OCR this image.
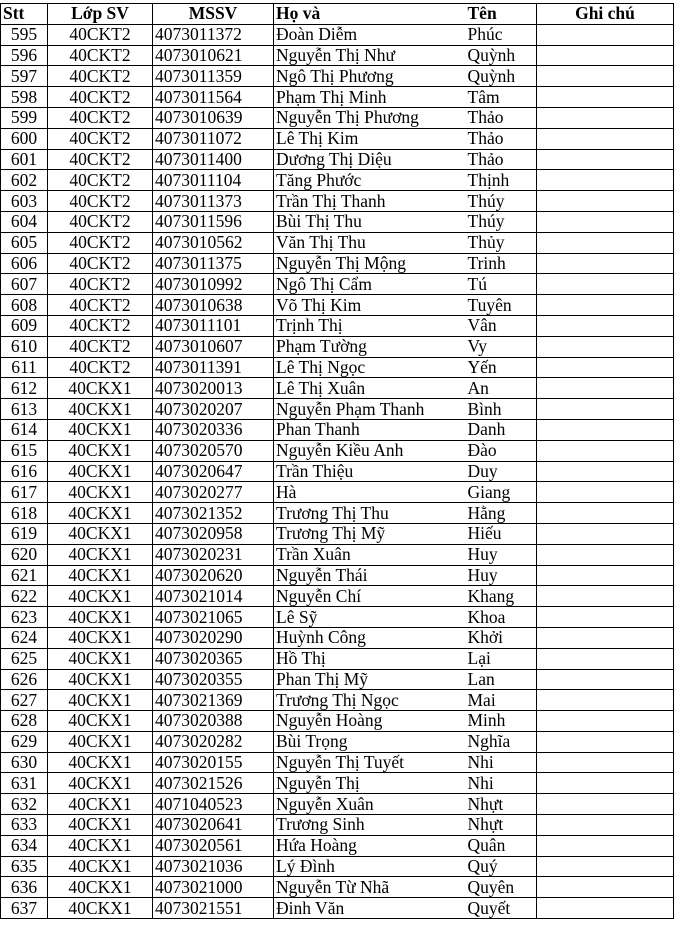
Stt	Lớp SV	MSSV	Họ và	Tên	Ghi chú
595	40CKT2	4073011372	Đoàn Diễm	Phúc	
596	40CKT2	4073010621	Nguyễn Thị Như	Quỳnh	
597	40CKT2	4073011359	Ngô Thị Phương	Quỳnh	
598	40CKT2	4073011564	Phạm Thị Minh	Tâm	
599	40CKT2	4073010639	Nguyễn Thị Phương	Thảo	
600	40CKT2	4073011072	Lê Thị Kim	Thảo	
601	40CKT2	4073011400	Dương Thị Diệu	Thảo	
602	40CKT2	4073011104	Tăng Phước	Thịnh	
603	40CKT2	4073011373	Trần Thị Thanh	Thúy	
604	40CKT2	4073011596	Bùi Thị Thu	Thúy	
605	40CKT2	4073010562	Văn Thị Thu	Thủy	
606	40CKT2	4073011375	Nguyễn Thị Mộng	Trinh	
607	40CKT2	4073010992	Ngô Thị Cẩm	Tú	
608	40CKT2	4073010638	Võ Thị Kim	Tuyên	
609	40CKT2	4073011101	Trịnh Thị	Vân	
610	40CKT2	4073010607	Phạm Tường	Vy	
611	40CKT2	4073011391	Lê Thị Ngọc	Yến	
612	40CKX1	4073020013	Lê Thị Xuân	An	
613	40CKX1	4073020207	Nguyễn Phạm Thanh	Bình	
614	40CKX1	4073020336	Phan Thanh	Danh	
615	40CKX1	4073020570	Nguyễn Kiều Anh	Đào	
616	40CKX1	4073020647	Trần Thiệu	Duy	
617	40CKX1	4073020277	Hà	Giang	
618	40CKX1	4073021352	Trương Thị Thu	Hằng	
619	40CKX1	4073020958	Trương Thị Mỹ	Hiếu	
620	40CKX1	4073020231	Trần Xuân	Huy	
621	40CKX1	4073020620	Nguyễn Thái	Huy	
622	40CKX1	4073021014	Nguyễn Chí	Khang	
623	40CKX1	4073021065	Lê Sỹ	Khoa	
624	40CKX1	4073020290	Huỳnh Công	Khởi	
625	40CKX1	4073020365	Hồ Thị	Lại	
626	40CKX1	4073020355	Phan Thị Mỹ	Lan	
627	40CKX1	4073021369	Trương Thị Ngọc	Mai	
628	40CKX1	4073020388	Nguyễn Hoàng	Minh	
629	40CKX1	4073020282	Bùi Trọng	Nghĩa	
630	40CKX1	4073020155	Nguyễn Thị Tuyết	Nhi	
631	40CKX1	4073021526	Nguyễn Thị	Nhi	
632	40CKX1	4071040523	Nguyễn Xuân	Nhựt	
633	40CKX1	4073020641	Trương Sinh	Nhựt	
634	40CKX1	4073020561	Hứa Hoàng	Quân	
635	40CKX1	4073021036	Lý Đình	Quý	
636	40CKX1	4073021000	Nguyễn Từ Nhã	Quyên	
637	40CKX1	4073021551	Đinh Văn	Quyết	
